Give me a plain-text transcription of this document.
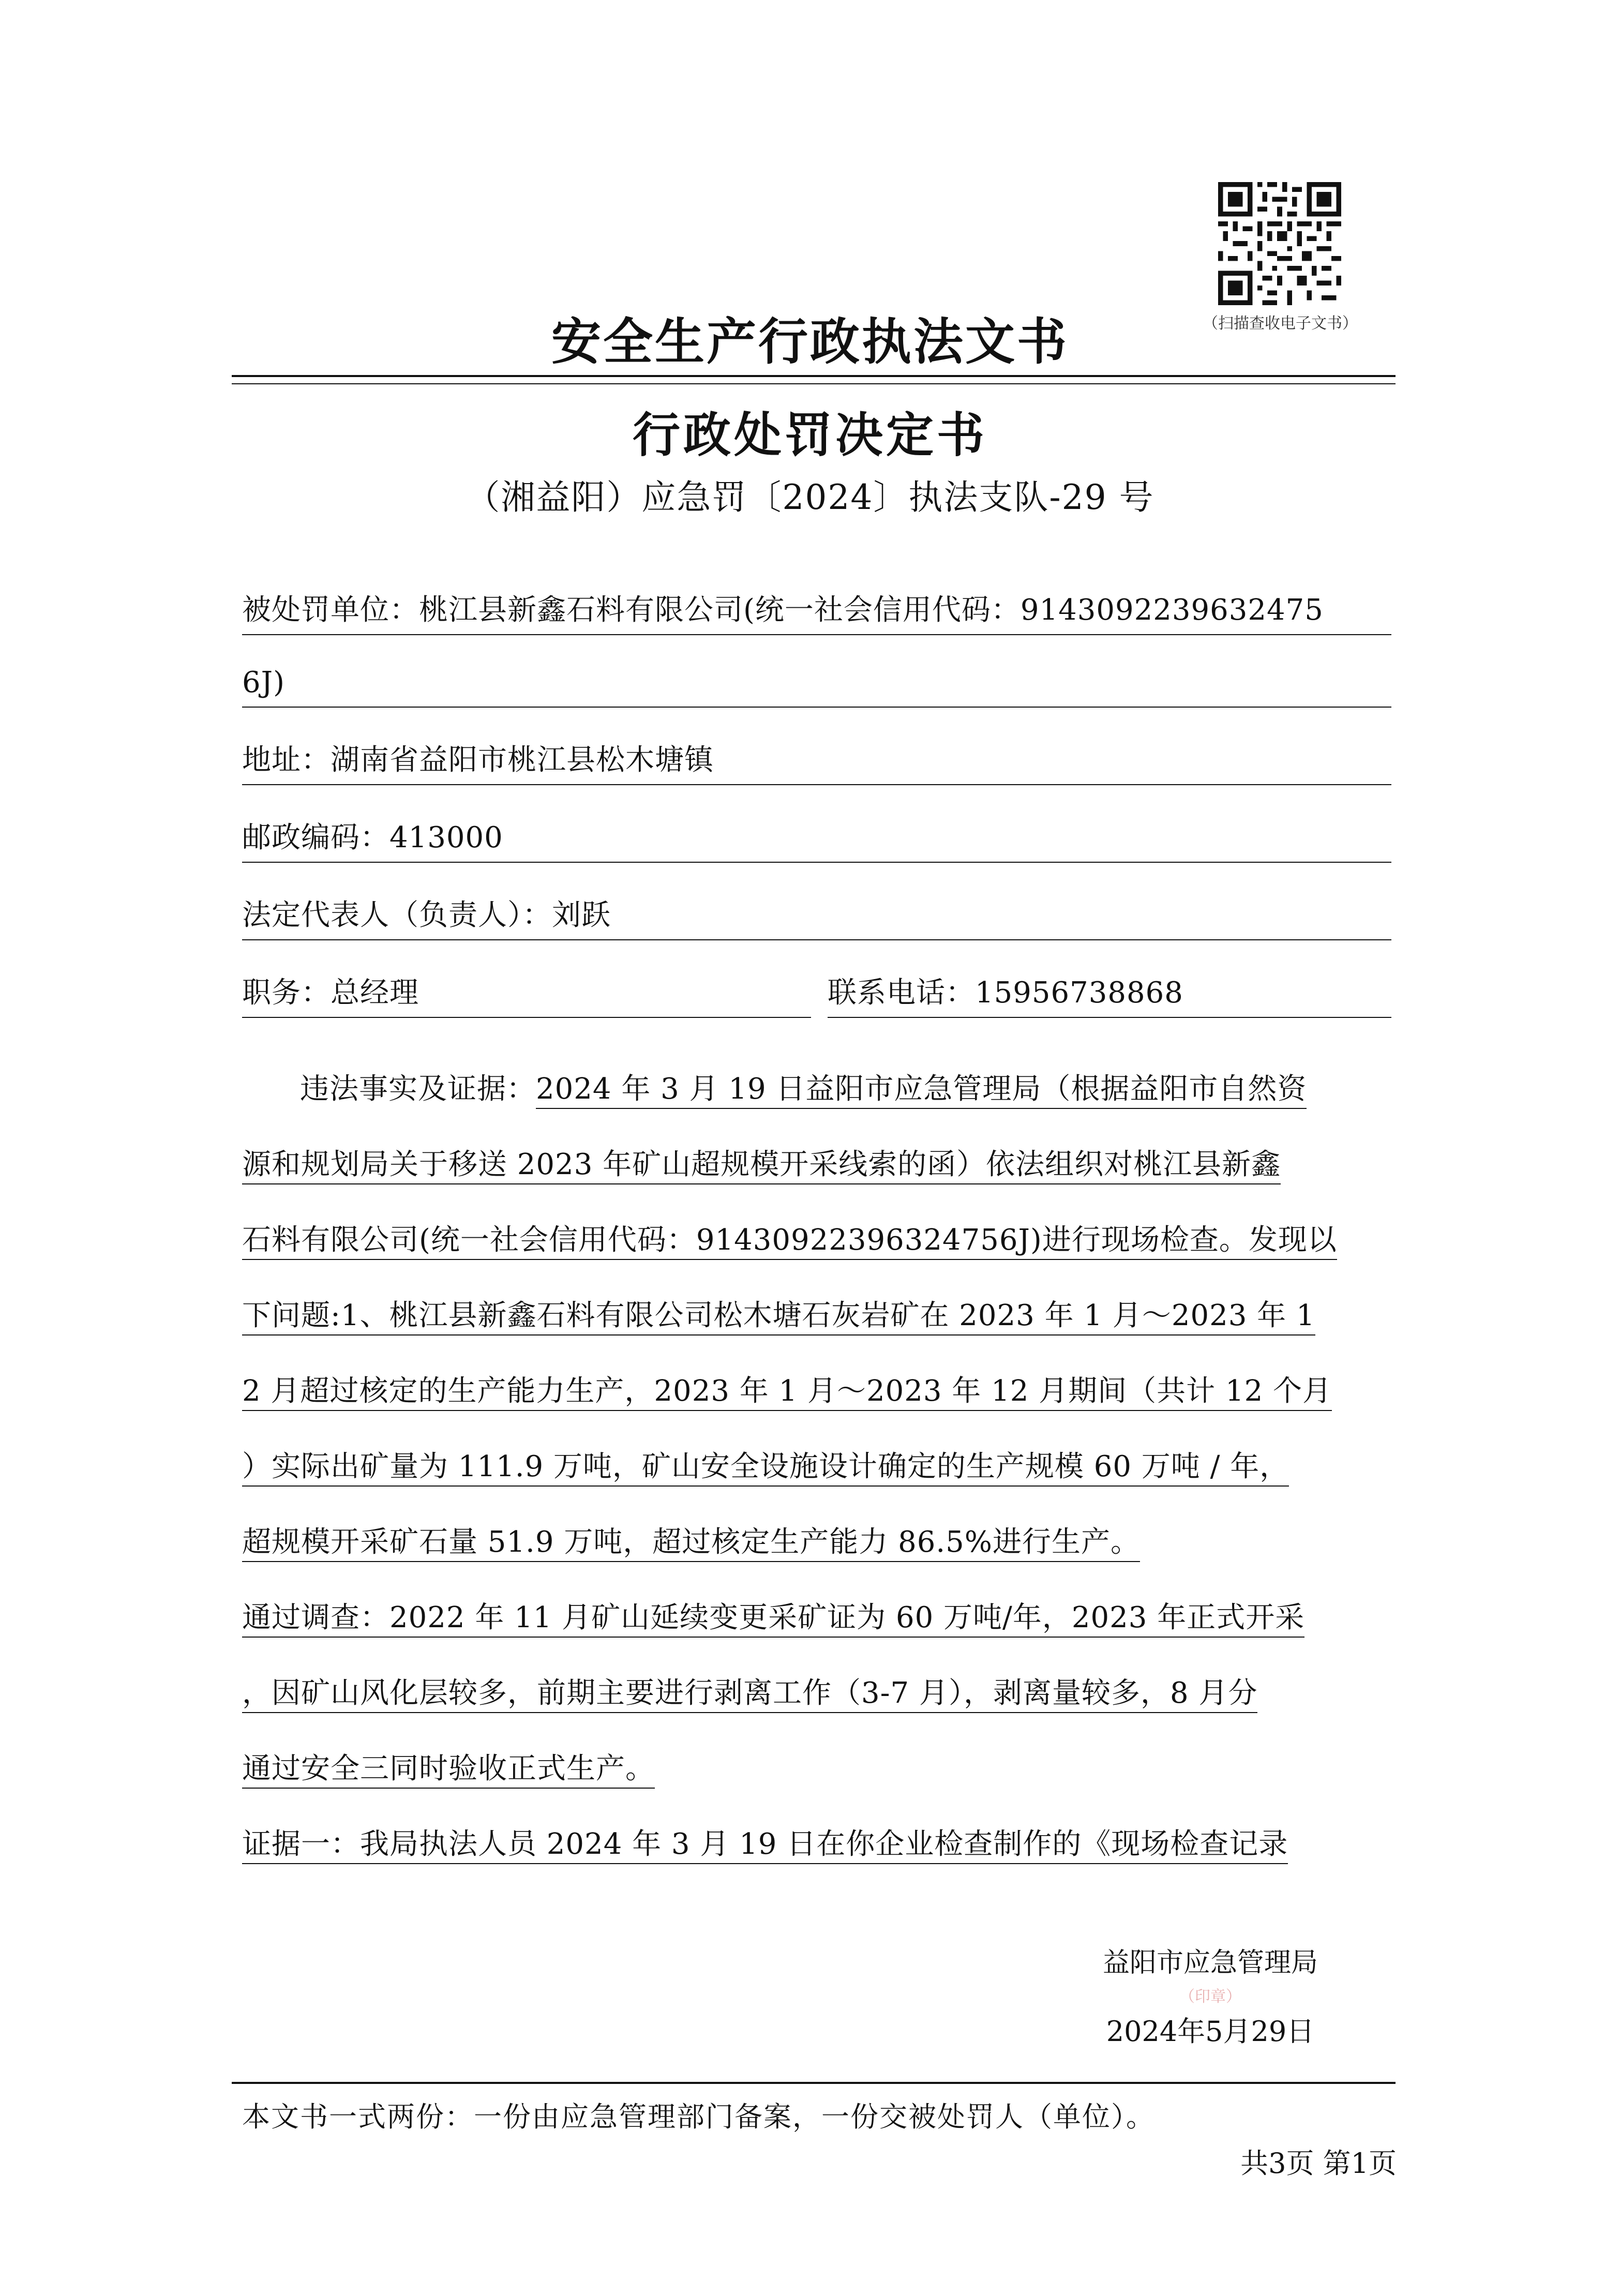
（扫描查收电子文书）
安全生产行政执法文书
行政处罚决定书
（湘益阳）应急罚〔2024〕执法支队-29 号
被处罚单位：桃江县新鑫石料有限公司(统一社会信用代码：9143092239632475
6J)
地址：湖南省益阳市桃江县松木塘镇
邮政编码：413000
法定代表人（负责人）：刘跃
职务：总经理	联系电话：15956738868
违法事实及证据：2024 年 3 月 19 日益阳市应急管理局（根据益阳市自然资
源和规划局关于移送 2023 年矿山超规模开采线索的函）依法组织对桃江县新鑫
石料有限公司(统一社会信用代码：91430922396324756J)进行现场检查。发现以
下问题:1、桃江县新鑫石料有限公司松木塘石灰岩矿在 2023 年 1 月～2023 年 1
2 月超过核定的生产能力生产，2023 年 1 月～2023 年 12 月期间（共计 12 个月
）实际出矿量为 111.9 万吨，矿山安全设施设计确定的生产规模 60 万吨 / 年，
超规模开采矿石量 51.9 万吨，超过核定生产能力 86.5%进行生产。
通过调查：2022 年 11 月矿山延续变更采矿证为 60 万吨/年，2023 年正式开采
，因矿山风化层较多，前期主要进行剥离工作（3-7 月），剥离量较多，8 月分
通过安全三同时验收正式生产。
证据一：我局执法人员 2024 年 3 月 19 日在你企业检查制作的《现场检查记录
益阳市应急管理局
（印章）
2024年5月29日
本文书一式两份：一份由应急管理部门备案，一份交被处罚人（单位）。
共3页 第1页
